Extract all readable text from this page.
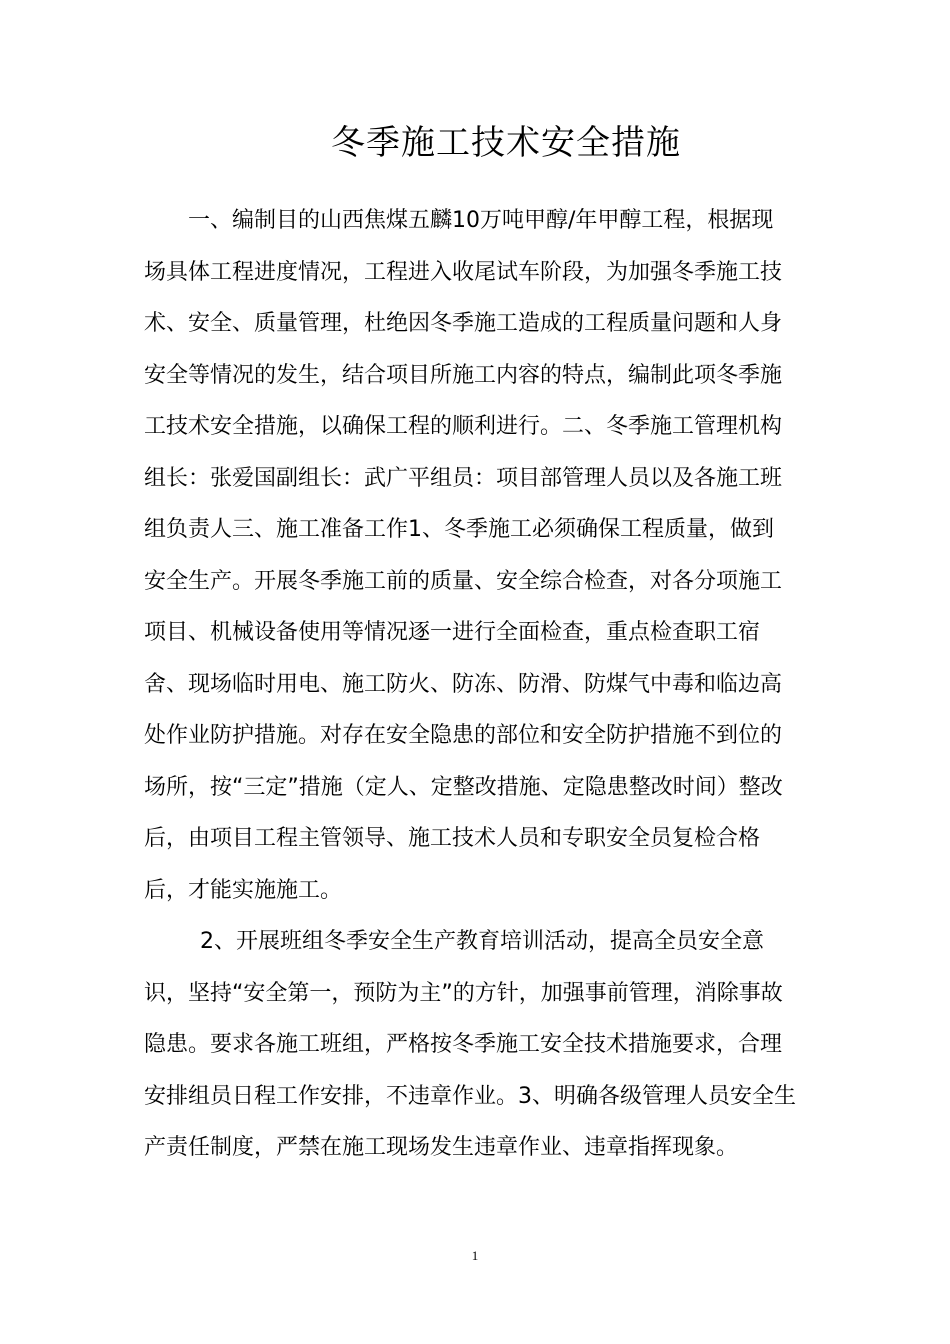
冬季施工技术安全措施
一、编制目的山西焦煤五麟10万吨甲醇/年甲醇工程，根据现
场具体工程进度情况，工程进入收尾试车阶段，为加强冬季施工技
术、安全、质量管理，杜绝因冬季施工造成的工程质量问题和人身
安全等情况的发生，结合项目所施工内容的特点，编制此项冬季施
工技术安全措施，以确保工程的顺利进行。二、冬季施工管理机构
组长：张爱国副组长：武广平组员：项目部管理人员以及各施工班
组负责人三、施工准备工作1、冬季施工必须确保工程质量，做到
安全生产。开展冬季施工前的质量、安全综合检查，对各分项施工
项目、机械设备使用等情况逐一进行全面检查，重点检查职工宿
舍、现场临时用电、施工防火、防冻、防滑、防煤气中毒和临边高
处作业防护措施。对存在安全隐患的部位和安全防护措施不到位的
场所，按“三定”措施（定人、定整改措施、定隐患整改时间）整改
后，由项目工程主管领导、施工技术人员和专职安全员复检合格
后，才能实施施工。
2、开展班组冬季安全生产教育培训活动，提高全员安全意
识，坚持“安全第一，预防为主”的方针，加强事前管理，消除事故
隐患。要求各施工班组，严格按冬季施工安全技术措施要求，合理
安排组员日程工作安排，不违章作业。3、明确各级管理人员安全生
产责任制度，严禁在施工现场发生违章作业、违章指挥现象。
1
